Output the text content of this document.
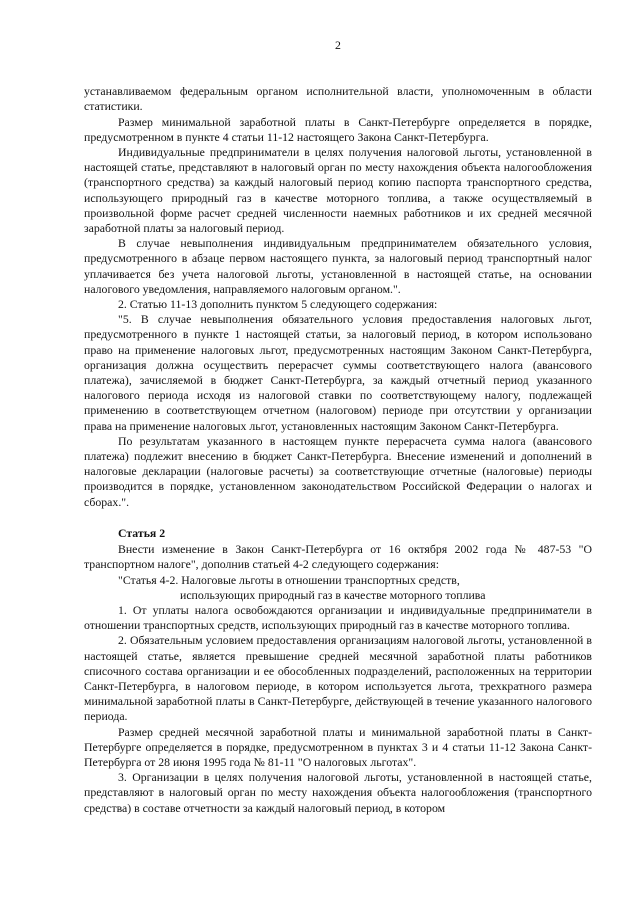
2

устанавливаемом федеральным органом исполнительной власти, уполномоченным в области статистики.

Размер минимальной заработной платы в Санкт-Петербурге определяется в порядке, предусмотренном в пункте 4 статьи 11-12 настоящего Закона Санкт-Петербурга.

Индивидуальные предприниматели в целях получения налоговой льготы, установленной в настоящей статье, представляют в налоговый орган по месту нахождения объекта налогообложения (транспортного средства) за каждый налоговый период копию паспорта транспортного средства, использующего природный газ в качестве моторного топлива, а также осуществляемый в произвольной форме расчет средней численности наемных работников и их средней месячной заработной платы за налоговый период.

В случае невыполнения индивидуальным предпринимателем обязательного условия, предусмотренного в абзаце первом настоящего пункта, за налоговый период транспортный налог уплачивается без учета налоговой льготы, установленной в настоящей статье, на основании налогового уведомления, направляемого налоговым органом.".

2. Статью 11-13 дополнить пунктом 5 следующего содержания:

"5. В случае невыполнения обязательного условия предоставления налоговых льгот, предусмотренного в пункте 1 настоящей статьи, за налоговый период, в котором использовано право на применение налоговых льгот, предусмотренных настоящим Законом Санкт-Петербурга, организация должна осуществить перерасчет суммы соответствующего налога (авансового платежа), зачисляемой в бюджет Санкт-Петербурга, за каждый отчетный период указанного налогового периода исходя из налоговой ставки по соответствующему налогу, подлежащей применению в соответствующем отчетном (налоговом) периоде при отсутствии у организации права на применение налоговых льгот, установленных настоящим Законом Санкт-Петербурга.

По результатам указанного в настоящем пункте перерасчета сумма налога (авансового платежа) подлежит внесению в бюджет Санкт-Петербурга. Внесение изменений и дополнений в налоговые декларации (налоговые расчеты) за соответствующие отчетные (налоговые) периоды производится в порядке, установленном законодательством Российской Федерации о налогах и сборах.".

Статья 2

Внести изменение в Закон Санкт-Петербурга от 16 октября 2002 года № 487-53 "О транспортном налоге", дополнив статьей 4-2 следующего содержания:

"Статья 4-2. Налоговые льготы в отношении транспортных средств,

использующих природный газ в качестве моторного топлива

1. От уплаты налога освобождаются организации и индивидуальные предприниматели в отношении транспортных средств, использующих природный газ в качестве моторного топлива.

2. Обязательным условием предоставления организациям налоговой льготы, установленной в настоящей статье, является превышение средней месячной заработной платы работников списочного состава организации и ее обособленных подразделений, расположенных на территории Санкт-Петербурга, в налоговом периоде, в котором используется льгота, трехкратного размера минимальной заработной платы в Санкт-Петербурге, действующей в течение указанного налогового периода.

Размер средней месячной заработной платы и минимальной заработной платы в Санкт-Петербурге определяется в порядке, предусмотренном в пунктах 3 и 4 статьи 11-12 Закона Санкт-Петербурга от 28 июня 1995 года № 81-11 "О налоговых льготах".

3. Организации в целях получения налоговой льготы, установленной в настоящей статье, представляют в налоговый орган по месту нахождения объекта налогообложения (транспортного средства) в составе отчетности за каждый налоговый период, в котором
